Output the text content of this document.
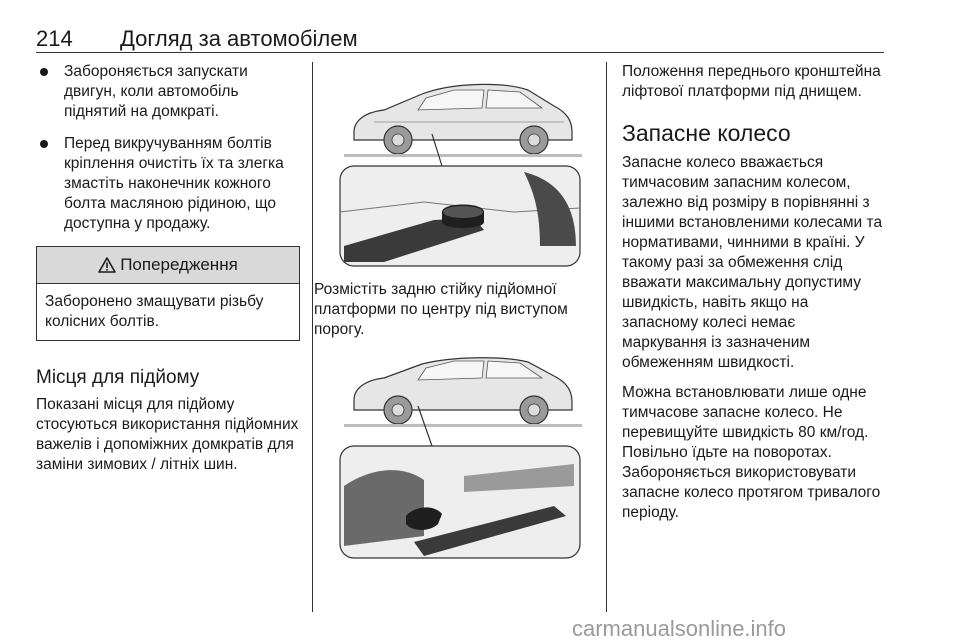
214 Догляд за автомобілем
Забороняється запускати двигун, коли автомобіль піднятий на домкраті.
Перед викручуванням болтів кріплення очистіть їх та злегка змастіть наконечник кожного болта масляною рідиною, що доступна у продажу.
Попередження
Заборонено змащувати різьбу колісних болтів.
Місця для підйому
Показані місця для підйому стосуються використання підйомних важелів і допоміжних домкратів для заміни зимових / літніх шин.
Розмістіть задню стійку підйомної платформи по центру під виступом порогу.
Положення переднього кронштейна ліфтової платформи під днищем.
Запасне колесо

Запасне колесо вважається тимчасовим запасним колесом, залежно від розміру в порівнянні з іншими встановленими колесами та нормативами, чинними в країні. У такому разі за обмеження слід вважати максимальну допустиму швидкість, навіть якщо на запасному колесі немає маркування із зазначеним обмеженням швидкості.

Можна встановлювати лише одне тимчасове запасне колесо. Не перевищуйте швидкість 80 км/год. Повільно їдьте на поворотах. Забороняється використовувати запасне колесо протягом тривалого періоду.

carmanualsonline.info
